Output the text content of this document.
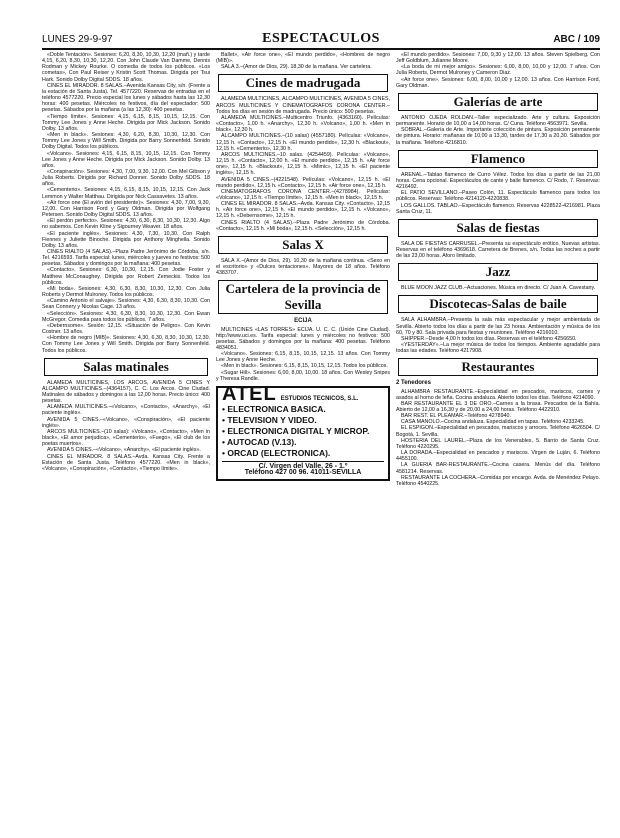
LUNES 29-9-97	ESPECTACULOS	ABC / 109

«Doble Tentación». Sesiones: 6,20, 8,30, 10,30, 12,20 (mañ.) y tarde 4,15, 6,20, 8,30, 10,30, 12,20. Con John Claude Van Damme, Dennis Rodman y Mickey Rourke. O comedia de todos los públicos. «Los cometas», Con Paul Reiser y Kristin Scott Thomas. Dirigida por Tsui Hark. Sonido Dolby Digital SDDS. 18 años.

CINES EL MIRADOR. 8 SALAS.–Avenida Kansas City, s/n. (Frente a la estación de Santa Justa). Tel. 4577220. Reservas de entradas en el teléfono 4577220. Precio especial los lunes y sábados hasta las 12,30 horas: 400 pesetas. Miércoles no festivos, día del espectador: 500 pesetas. Sábados por la mañana (a las 12,30): 400 pesetas.

«Tiempo límite». Sesiones: 4,15, 6,15, 8,15, 10,15, 12,15. Con Tommy Lee Jones y Anne Heche. Dirigida por Mick Jackson. Sonido Dolby. 13 años.

«Men in black». Sesiones: 4,30, 6,20, 8,30, 10,30, 12,30. Con Tommy Lee Jones y Will Smith. Dirigida por Barry Sonnenfeld. Sonido Dolby Digital. Todos los públicos.

«Volcano». Sesiones: 4,15, 6,15, 8,15, 10,15, 12,15. Con Tommy Lee Jones y Anne Heche. Dirigida por Mick Jackson. Sonido Dolby. 13 años.

«Conspiración». Sesiones: 4,30, 7,00, 9,30, 12,00. Con Mel Gibson y Julia Roberts. Dirigida por Richard Donner. Sonido Dolby SDDS. 18 años.

«Cementerio». Sesiones: 4,15, 6,15, 8,15, 10,15, 12,15. Con Jack Lemmon y Walter Matthau. Dirigida por Nick Cassavetes. 13 años.

«Air force one (El avión del presidente)». Sesiones: 4,30, 7,00, 9,30, 12,00. Con Harrison Ford y Gary Oldman. Dirigida por Wolfgang Petersen. Sonido Dolby Digital SDDS. 13 años.

«El perdón perfecto». Sesiones: 4,30, 6,30, 8,30, 10,30, 12,30. Algo no sabemos. Con Kevin Kline y Sigourney Weaver. 18 años.

«El paciente inglés». Sesiones: 4,30, 7,30, 10,30. Con Ralph Fiennes y Juliette Binoche. Dirigida por Anthony Minghella. Sonido Dolby. 13 años.

CINES RIALTO (4 SALAS).–Plaza Padre Jerónimo de Córdoba, s/n. Tel. 4216593. Tarifa especial: lunes, miércoles y jueves no festivos: 500 pesetas. Sábados y domingos por la mañana: 400 pesetas.

«Contacto». Sesiones: 6,30, 10,30, 12,15. Con Jodie Foster y Matthew McConaughey. Dirigida por Robert Zemeckis. Todos los públicos.

«Mi boda». Sesiones: 4,30, 6,30, 8,30, 10,30, 12,30. Con Julia Roberts y Dermot Mulroney. Todos los públicos.

«Camino Antonio el salvaje». Sesiones: 4,30, 6,30, 8,30, 10,30. Con Sean Connery y Nicolas Cage. 13 años.

«Selección». Sesiones: 4,30, 6,30, 8,30, 10,30, 12,30. Con Ewan McGregor. Comedia para todos los públicos. 7 años.

«Debernsome». Sesión: 12,15. «Situación de Peligro». Con Kevin Costner. 13 años.

«Hombre de negro (MIB)». Sesiones: 4,30, 6,30, 8,30, 10,30, 12,30. Con Tommy Lee Jones y Will Smith. Dirigida por Barry Sonnenfeld. Todos los públicos.

Salas matinales

ALAMEDA MULTICINES, LOS ARCOS, AVENIDA 5 CINES Y ALCAMPO MULTICINES.–(4364157), C. C. Los Arcos. Cine Ciudad. Matinales de sábados y domingos a las 12,00 horas. Precio único: 400 pesetas.

ALAMEDA MULTICINES.–«Volcano», «Contacto», «Anarchy», «El paciente inglés».

AVENIDA 5 CINES.–«Volcano», «Conspiración», «El paciente inglés».

ARCOS MULTICINES.–(10 salas): «Volcano», «Contacto», «Men in black», «El amor perjudica», «Cementerio», «Fuego», «El club de los poetas muertos».

AVENIDA 5 CINES.–«Volcano», «Anarchy», «El paciente inglés».

CINES EL MIRADOR. 8 SALAS.–Avda. Kansas City. Frente a Estación de Santa Justa. Teléfono 4577220. «Men in black», «Volcano», «Conspiración», «Contacto», «Tiempo límite».

Ballet», «Air force one», «El mundo perdido», «Hombres de negro (MIB)».

SALA 3.–(Amor de Dios, 29). 18,30 de la mañana. Ver cartelera.

Cines de madrugada

ALAMEDA MULTICINES, ALCAMPO MULTICINES, AVENIDA 5 CINES, ARCOS MULTICINES Y CINEMATOGRAFOS CORONA CENTER.–Todos los días en sesión de madrugada. Precio único: 500 pesetas.

ALAMEDA MULTICINES.–Multicentro Triunfo. (4363160). Películas: «Contacto», 1,00 h. «Anarchy», 12,30 h. «Volcano», 1,00 h. «Men in black», 12,30 h.

ALCAMPO MULTICINES.–(10 salas) (4557180). Películas: «Volcano», 12,15 h. «Contacto», 12,15 h. «El mundo perdido», 12,30 h. «Blackout», 12,15 h. «Cementerio», 12,30 h.

ARCOS MULTICINES.–10 salas. (4254459). Películas: «Volcano», 12,15 h. «Contacto», 12,00 h. «El mundo perdido», 12,15 h. «Air force one», 12,15 h. «Blackout», 12,15 h. «Mimic», 12,15 h. «El paciente inglés», 12,15 h.

AVENIDA 5 CINES.–(4221548). Películas: «Volcano», 12,15 h. «El mundo perdido», 12,15 h. «Contacto», 12,15 h. «Air force one», 12,15 h.

CINEMATOGRAFOS CORONA CENTER.–(4278984). Películas: «Volcano», 12,15 h. «Tiempo límite», 12,15 h. «Men in black», 12,15 h.

CINES EL MIRADOR. 8 SALAS.–Avda. Kansas City. «Contacto», 12,15 h. «Air force one», 12,15 h. «El mundo perdido», 12,15 h. «Volcano», 12,15 h. «Debernsome», 12,15 h.

CINES RIALTO (4 SALAS).–Plaza Padre Jerónimo de Córdoba. «Contacto», 12,15 h. «Mi boda», 12,15 h. «Selección», 12,15 h.

Salas X

SALA X.–(Amor de Dios, 29). 10,30 de la mañana continua. «Sexo en el escritorio» y «Dulces tentaciones». Mayores de 18 años. Teléfono 4383707.

Cartelera de la provincia de Sevilla
ECIJA

MULTICINES «LAS TORRES» ECIJA. U. C. C. (Unión Cine Ciudad). http://www.uci.es. Tarifa especial: lunes y miércoles no festivos: 500 pesetas. Sábados y domingos por la mañana: 400 pesetas. Teléfono 4834051.

«Volcano». Sesiones: 6,15, 8,15, 10,15, 12,15. 13 años. Con Tommy Lee Jones y Anne Heche.

«Men in black». Sesiones: 6,15, 8,15, 10,15, 12,15. Todos los públicos.

«Sugar Hill». Sesiones: 6,00, 8,00, 10,00. 18 años. Con Wesley Snipes y Theresa Randle.

ATEL ESTUDIOS TECNICOS, S.L.
• ELECTRONICA BASICA.
• TELEVISION Y VIDEO.
• ELECTRONICA DIGITAL Y MICROP.
• AUTOCAD (V.13).
• ORCAD (ELECTRONICA).
C/. Virgen del Valle, 26 - 1.º
Teléfono 427 00 96. 41011-SEVILLA

«El mundo perdido». Sesiones: 7,00, 9,30 y 12,00. 13 años. Steven Spielberg. Con Jeff Goldblum, Julianne Moore.

«La boda de mi mejor amigo». Sesiones: 6,00, 8,00, 10,00 y 12,00. 7 años. Con Julia Roberts, Dermot Mulroney y Cameron Diaz.

«Air force one». Sesiones: 6,00, 8,00, 10,00 y 12,00. 13 años. Con Harrison Ford, Gary Oldman.

Galerías de arte

ANTONIO OJEDA ROLDAN.–Taller especializado. Arte y cultura. Exposición permanente. Horario de 10,00 a 14,00 horas. C/ Cuna. Teléfono 4563971. Sevilla.

SOBRAL.–Galería de Arte. Importante colección de pintura. Exposición permanente de pintura. Horario: mañanas de 10,00 a 13,30, tardes de 17,30 a 20,30. Sábados por la mañana. Teléfono 4216810.

Flamenco

ARENAL.–Tablao flamenco de Curro Vélez. Todos los días a partir de las 21,00 horas. Cena opcional. Espectáculos de cante y baile flamenco. C/ Rodo, 7. Reservas: 4216492.

EL PATIO SEVILLANO.–Paseo Colón, 11. Espectáculo flamenco para todos los públicos. Reservas: Teléfono 4214120-4220838.

LOS GALLOS. TABLAO.–Espectáculo flamenco. Reservas 4228522-4216981. Plaza Santa Cruz, 11.

Salas de fiestas

SALA DE FIESTAS CARRUSEL.–Presenta su espectáculo erótico. Nuevas artistas. Reservas en el teléfono 4369618. Carretera de Brenes, s/n. Todas las noches a partir de las 23,00 horas. Aforo limitado.

Jazz

BLUE MOON JAZZ CLUB.–Actuaciones. Música en directo. C/ Juan A. Cavestany.

Discotecas-Salas de baile

SALA ALHAMBRA.–Presenta la sala más espectacular y mejor ambientada de Sevilla. Abierto todos los días a partir de las 23 horas. Ambientación y música de los 60, 70 y 80. Sala privada para fiestas y reuniones. Teléfono 4216010.

SHIPPER.–Desde 4,00 h todos los días. Reservas en el teléfono 4256650.

«YESTERDAY».–La mejor música de todos los tiempos. Ambiente agradable para todas las edades. Teléfono 4217908.

Restaurantes
2 Tenedores

ALHAMBRA RESTAURANTE.–Especialidad en pescados, mariscos, carnes y asados al horno de leña. Cocina andaluza. Abierto todos los días. Teléfono 4214090.

BAR RESTAURANTE EL 3 DE ORO.–Carnes a la brasa. Pescados de la Bahía. Abierto de 12,00 a 16,30 y de 20,00 a 24,00 horas. Teléfono 4422910.

BAR REST. EL PLEAMAR.–Teléfono 4278940.

CASA MANOLO.–Cocina andaluza. Especialidad en tapas. Teléfono 4233245.

EL ESPIGON.–Especialidad en pescados, mariscos y arroces. Teléfono 4626504. C/ Bogotá, 1. Sevilla.

HOSTERIA DEL LAUREL.–Plaza de los Venerables, 5. Barrio de Santa Cruz. Teléfono 4220295.

LA DORADA.–Especialidad en pescados y mariscos. Virgen de Luján, 6. Teléfono 4455100.

LA GUERIA BAR-RESTAURANTE.–Cocina casera. Menús del día. Teléfono 4581214. Reservas.

RESTAURANTE LA COCHERA.–Comidas por encargo. Avda. de Menéndez Pelayo. Teléfono 4540225.
